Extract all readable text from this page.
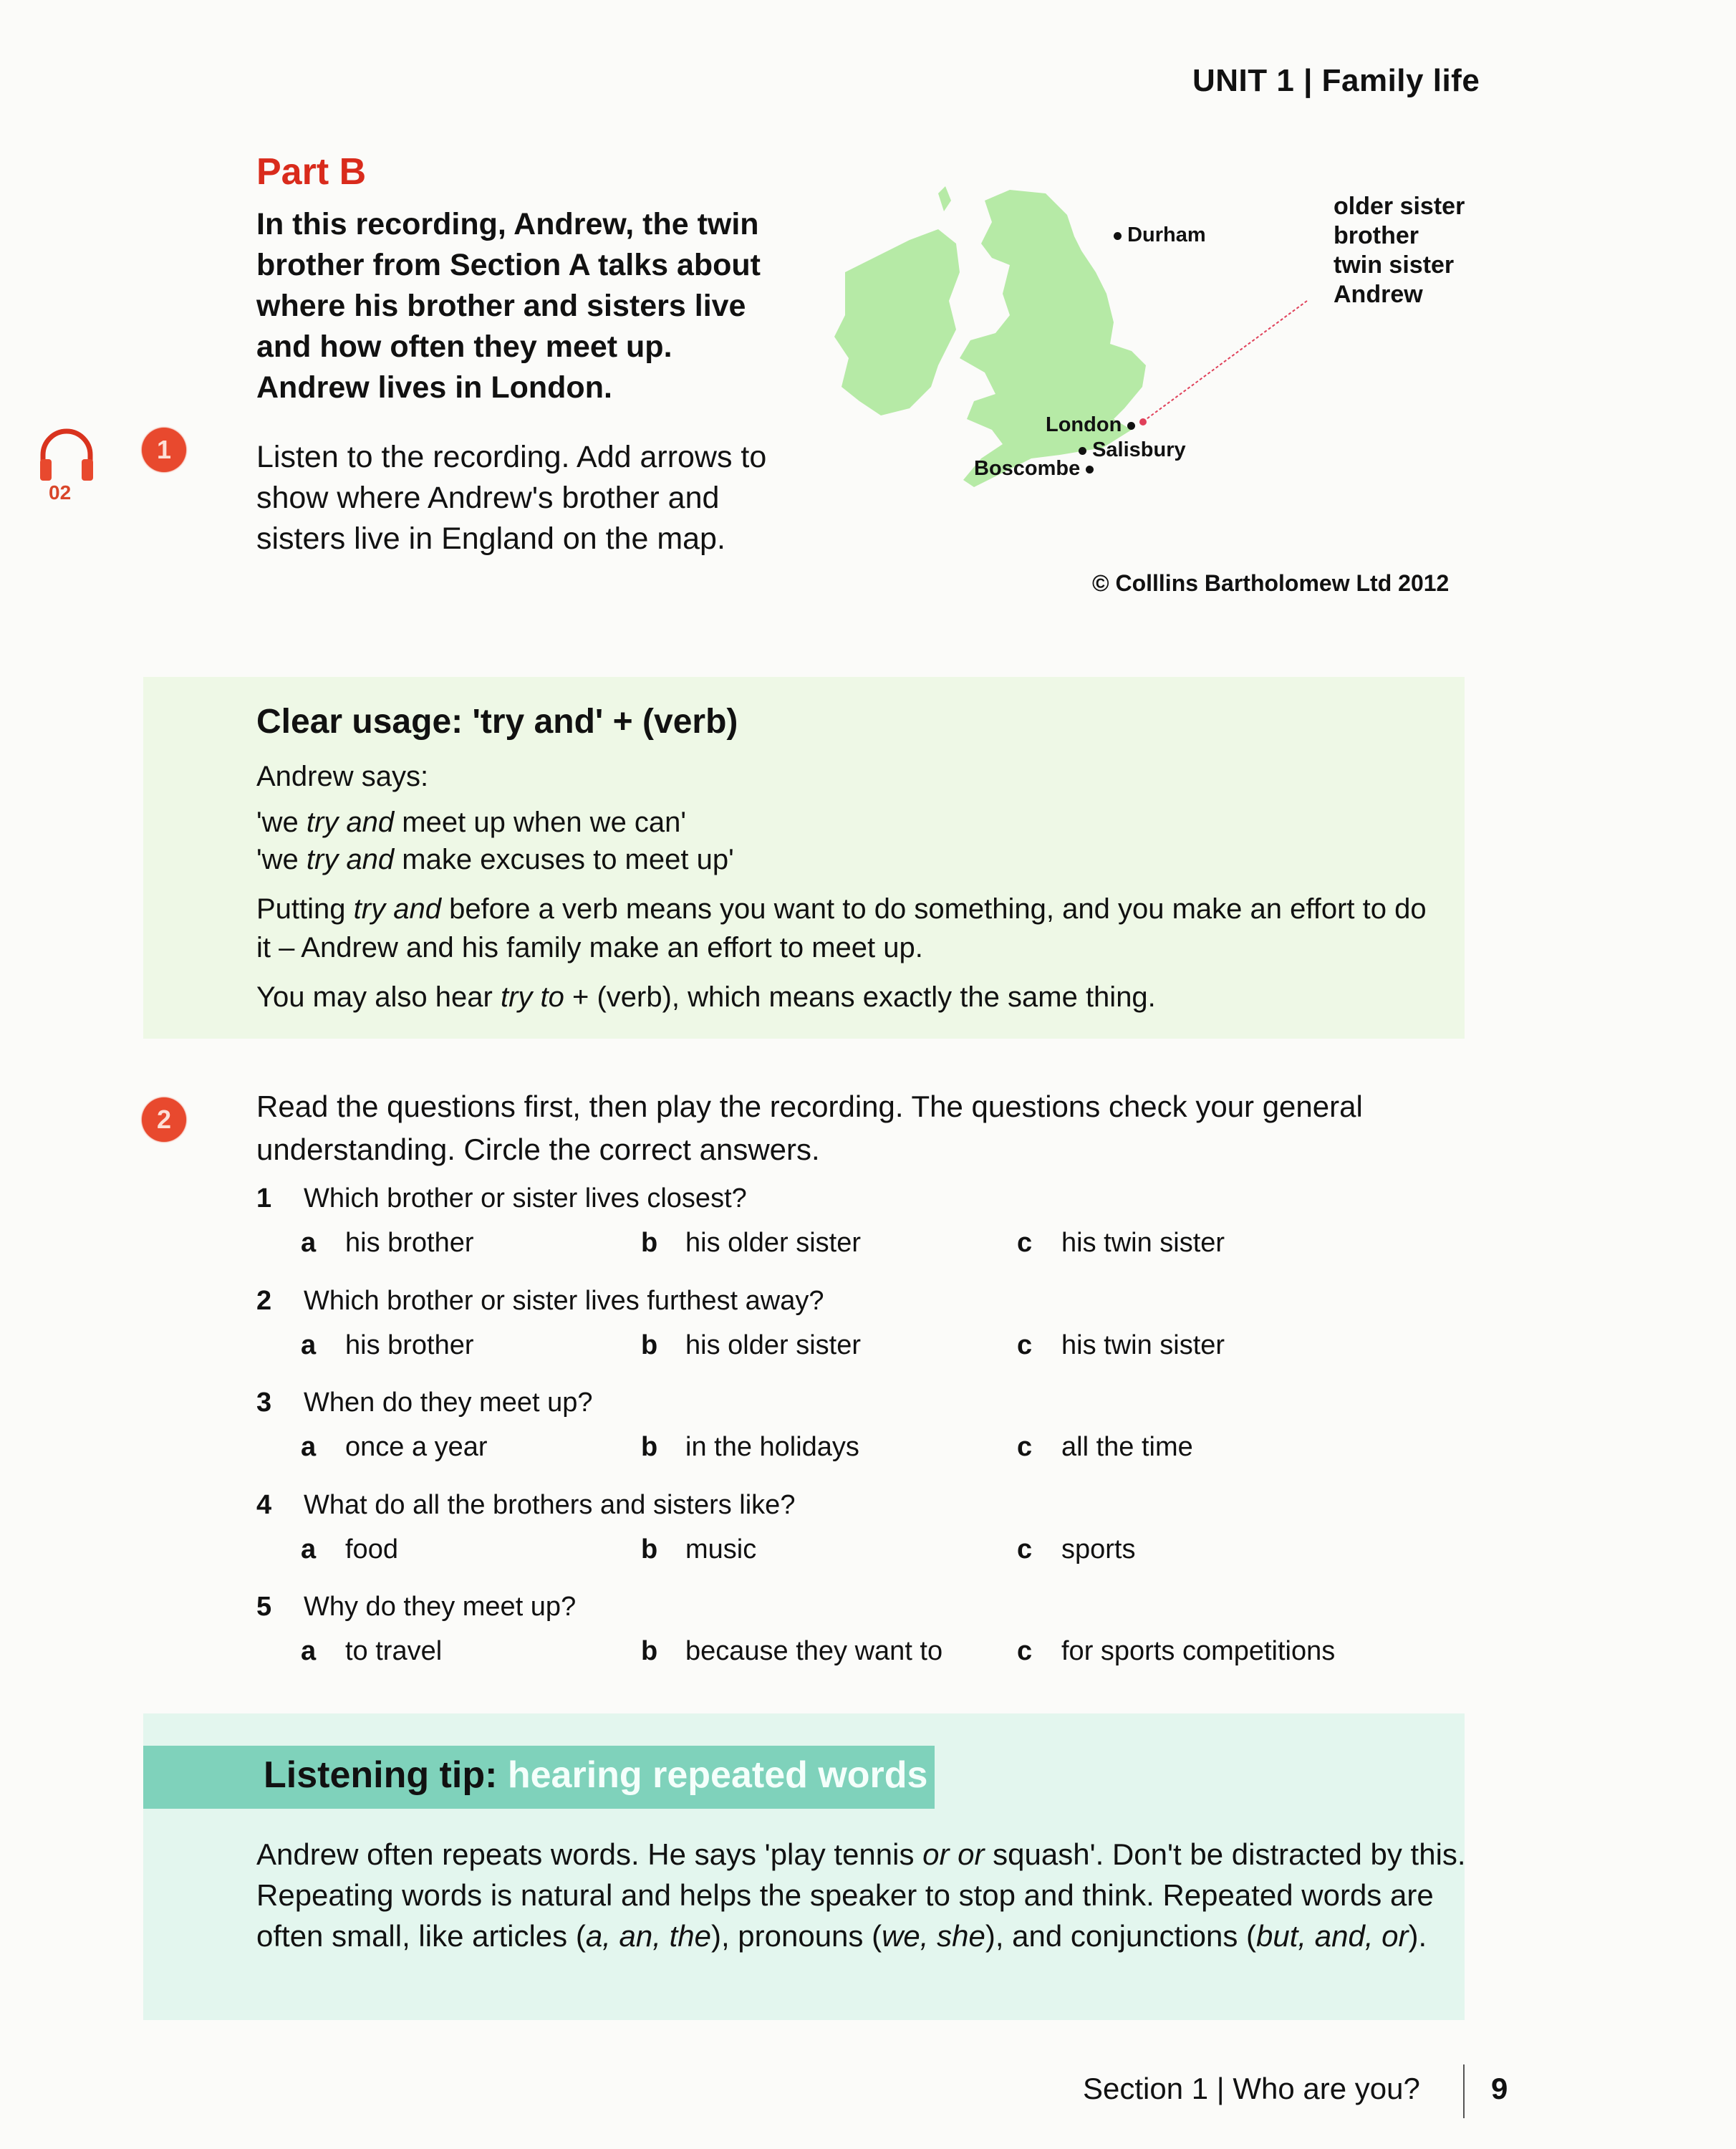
UNIT 1 | Family life
Part B
In this recording, Andrew, the twin brother from Section A talks about where his brother and sisters live and how often they meet up. Andrew lives in London.
02
1	Listen to the recording. Add arrows to show where Andrew's brother and sisters live in England on the map.
Durham
London
Salisbury
Boscombe
older sister
brother
twin sister
Andrew
© Colllins Bartholomew Ltd 2012
Clear usage: 'try and' + (verb)
Andrew says:
'we try and meet up when we can'
'we try and make excuses to meet up'
Putting try and before a verb means you want to do something, and you make an effort to do it – Andrew and his family make an effort to meet up.
You may also hear try to + (verb), which means exactly the same thing.
2	Read the questions first, then play the recording. The questions check your general understanding. Circle the correct answers.
1 Which brother or sister lives closest?
a his brother	b his older sister	c his twin sister
2 Which brother or sister lives furthest away?
a his brother	b his older sister	c his twin sister
3 When do they meet up?
a once a year	b in the holidays	c all the time
4 What do all the brothers and sisters like?
a food	b music	c sports
5 Why do they meet up?
a to travel	b because they want to	c for sports competitions
Listening tip: hearing repeated words
Andrew often repeats words. He says 'play tennis or or squash'. Don't be distracted by this. Repeating words is natural and helps the speaker to stop and think. Repeated words are often small, like articles (a, an, the), pronouns (we, she), and conjunctions (but, and, or).
Section 1 | Who are you? 9
